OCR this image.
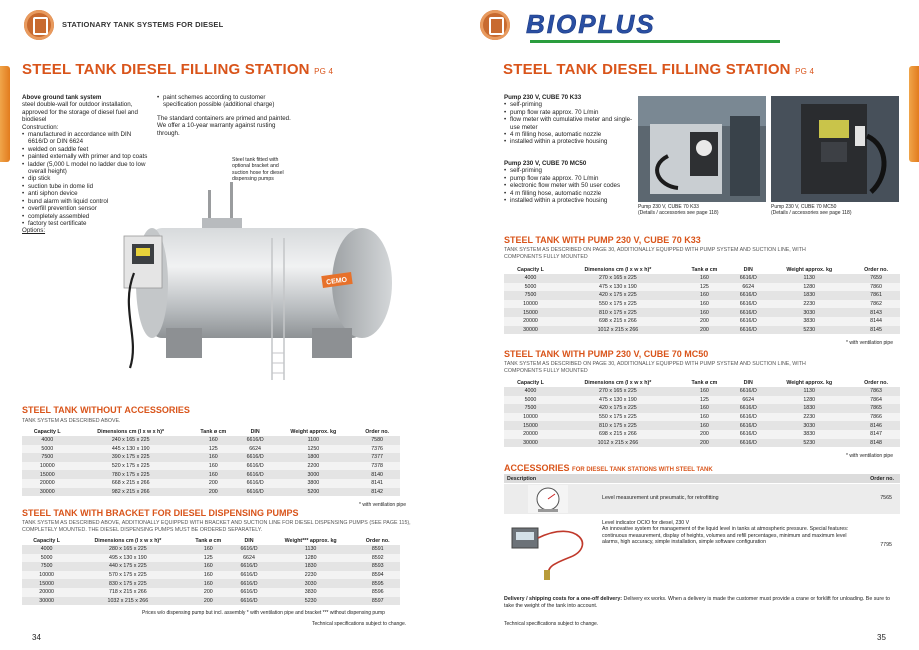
STATIONARY TANK SYSTEMS FOR DIESEL
STEEL TANK DIESEL FILLING STATION PG 4
Above ground tank system
steel double-wall for outdoor installation, approved for the storage of diesel fuel and biodiesel
Construction:
• manufactured in accordance with DIN 6616/D or DIN 6624
• welded on saddle feet
• painted externally with primer and top coats
• ladder (5,000 L model no ladder due to low overall height)
• dip stick
• suction tube in dome lid
• anti siphon device
• bund alarm with liquid control
• overfill prevention sensor
• completely assembled
• factory test certificate
Options:
• paint schemes according to customer specification possible (additional charge)
The standard containers are primed and painted. We offer a 10-year warranty against rusting through.
Steel tank fitted with optional bracket and suction hose for diesel dispensing pumps
CEMO
STEEL TANK WITHOUT ACCESSORIES
TANK SYSTEM AS DESCRIBED ABOVE.
Capacity L	Dimensions cm (l x w x h)*	Tank ø cm	DIN	Weight approx. kg	Order no.
4000	240 x 165 x 225	160	6616/D	1100	7580
5000	445 x 130 x 190	125	6624	1250	7376
7500	390 x 175 x 225	160	6616/D	1800	7377
10000	520 x 175 x 225	160	6616/D	2200	7378
15000	780 x 175 x 225	160	6616/D	3000	8140
20000	668 x 215 x 266	200	6616/D	3800	8141
30000	982 x 215 x 266	200	6616/D	5200	8142
* with ventilation pipe
STEEL TANK WITH BRACKET FOR DIESEL DISPENSING PUMPS
TANK SYSTEM AS DESCRIBED ABOVE, ADDITIONALLY EQUIPPED WITH BRACKET AND SUCTION LINE FOR DIESEL DISPENSING PUMPS (SEE PAGE 115), COMPLETELY MOUNTED. THE DIESEL DISPENSING PUMPS MUST BE ORDERED SEPARATELY.
Capacity L	Dimensions cm (l x w x h)*	Tank ø cm	DIN	Weight*** approx. kg	Order no.
4000	280 x 165 x 225	160	6616/D	1130	8591
5000	495 x 130 x 190	125	6624	1280	8592
7500	440 x 175 x 225	160	6616/D	1830	8593
10000	570 x 175 x 225	160	6616/D	2230	8594
15000	830 x 175 x 225	160	6616/D	3030	8595
20000	718 x 215 x 266	200	6616/D	3830	8596
30000	1032 x 215 x 266	200	6616/D	5230	8597
Prices w/o dispensing pump but incl. assembly * with ventilation pipe and bracket *** without dispensing pump
Technical specifications subject to change.
34
BIOPLUS
STEEL TANK DIESEL FILLING STATION PG 4
Pump 230 V, CUBE 70 K33
• self-priming
• pump flow rate approx. 70 L/min
• flow meter with cumulative meter and single-use meter
• 4 m filling hose, automatic nozzle
• installed within a protective housing
Pump 230 V, CUBE 70 MC50
• self-priming
• pump flow rate approx. 70 L/min
• electronic flow meter with 50 user codes
• 4 m filling hose, automatic nozzle
• installed within a protective housing
Pump 230 V, CUBE 70 K33
(Details / accessories see page 118)
Pump 230 V, CUBE 70 MC50
(Details / accessories see page 118)
STEEL TANK WITH PUMP 230 V, CUBE 70 K33
TANK SYSTEM AS DESCRIBED ON PAGE 30, ADDITIONALLY EQUIPPED WITH PUMP SYSTEM AND SUCTION LINE, WITH COMPONENTS FULLY MOUNTED
Capacity L	Dimensions cm (l x w x h)*	Tank ø cm	DIN	Weight approx. kg	Order no.
4000	270 x 165 x 225	160	6616/D	1130	7659
5000	475 x 130 x 190	125	6624	1280	7860
7500	420 x 175 x 225	160	6616/D	1830	7861
10000	550 x 175 x 225	160	6616/D	2230	7862
15000	810 x 175 x 225	160	6616/D	3030	8143
20000	698 x 215 x 266	200	6616/D	3830	8144
30000	1012 x 215 x 266	200	6616/D	5230	8145
* with ventilation pipe
STEEL TANK WITH PUMP 230 V, CUBE 70 MC50
TANK SYSTEM AS DESCRIBED ON PAGE 30, ADDITIONALLY EQUIPPED WITH PUMP SYSTEM AND SUCTION LINE, WITH COMPONENTS FULLY MOUNTED
Capacity L	Dimensions cm (l x w x h)*	Tank ø cm	DIN	Weight approx. kg	Order no.
4000	270 x 165 x 225	160	6616/D	1130	7863
5000	475 x 130 x 190	125	6624	1280	7864
7500	420 x 175 x 225	160	6616/D	1830	7865
10000	550 x 175 x 225	160	6616/D	2230	7866
15000	810 x 175 x 225	160	6616/D	3030	8146
20000	698 x 215 x 266	200	6616/D	3830	8147
30000	1012 x 215 x 266	200	6616/D	5230	8148
* with ventilation pipe
ACCESSORIES FOR DIESEL TANK STATIONS WITH STEEL TANK
Description	Order no.
Level measurement unit pneumatic, for retrofitting	7565
Level indicator OCIO for diesel, 230 V
An innovative system for management of the liquid level in tanks at atmospheric pressure. Special features: continuous measurement, display of heights, volumes and refill percentages, minimum and maximum level alarms, high accuracy, simple installation, simple software configuration
7795
Delivery / shipping costs for a one-off delivery: Delivery ex works. When a delivery is made the customer must provide a crane or forklift for unloading. Be sure to take the weight of the tank into account.
Technical specifications subject to change.
35
